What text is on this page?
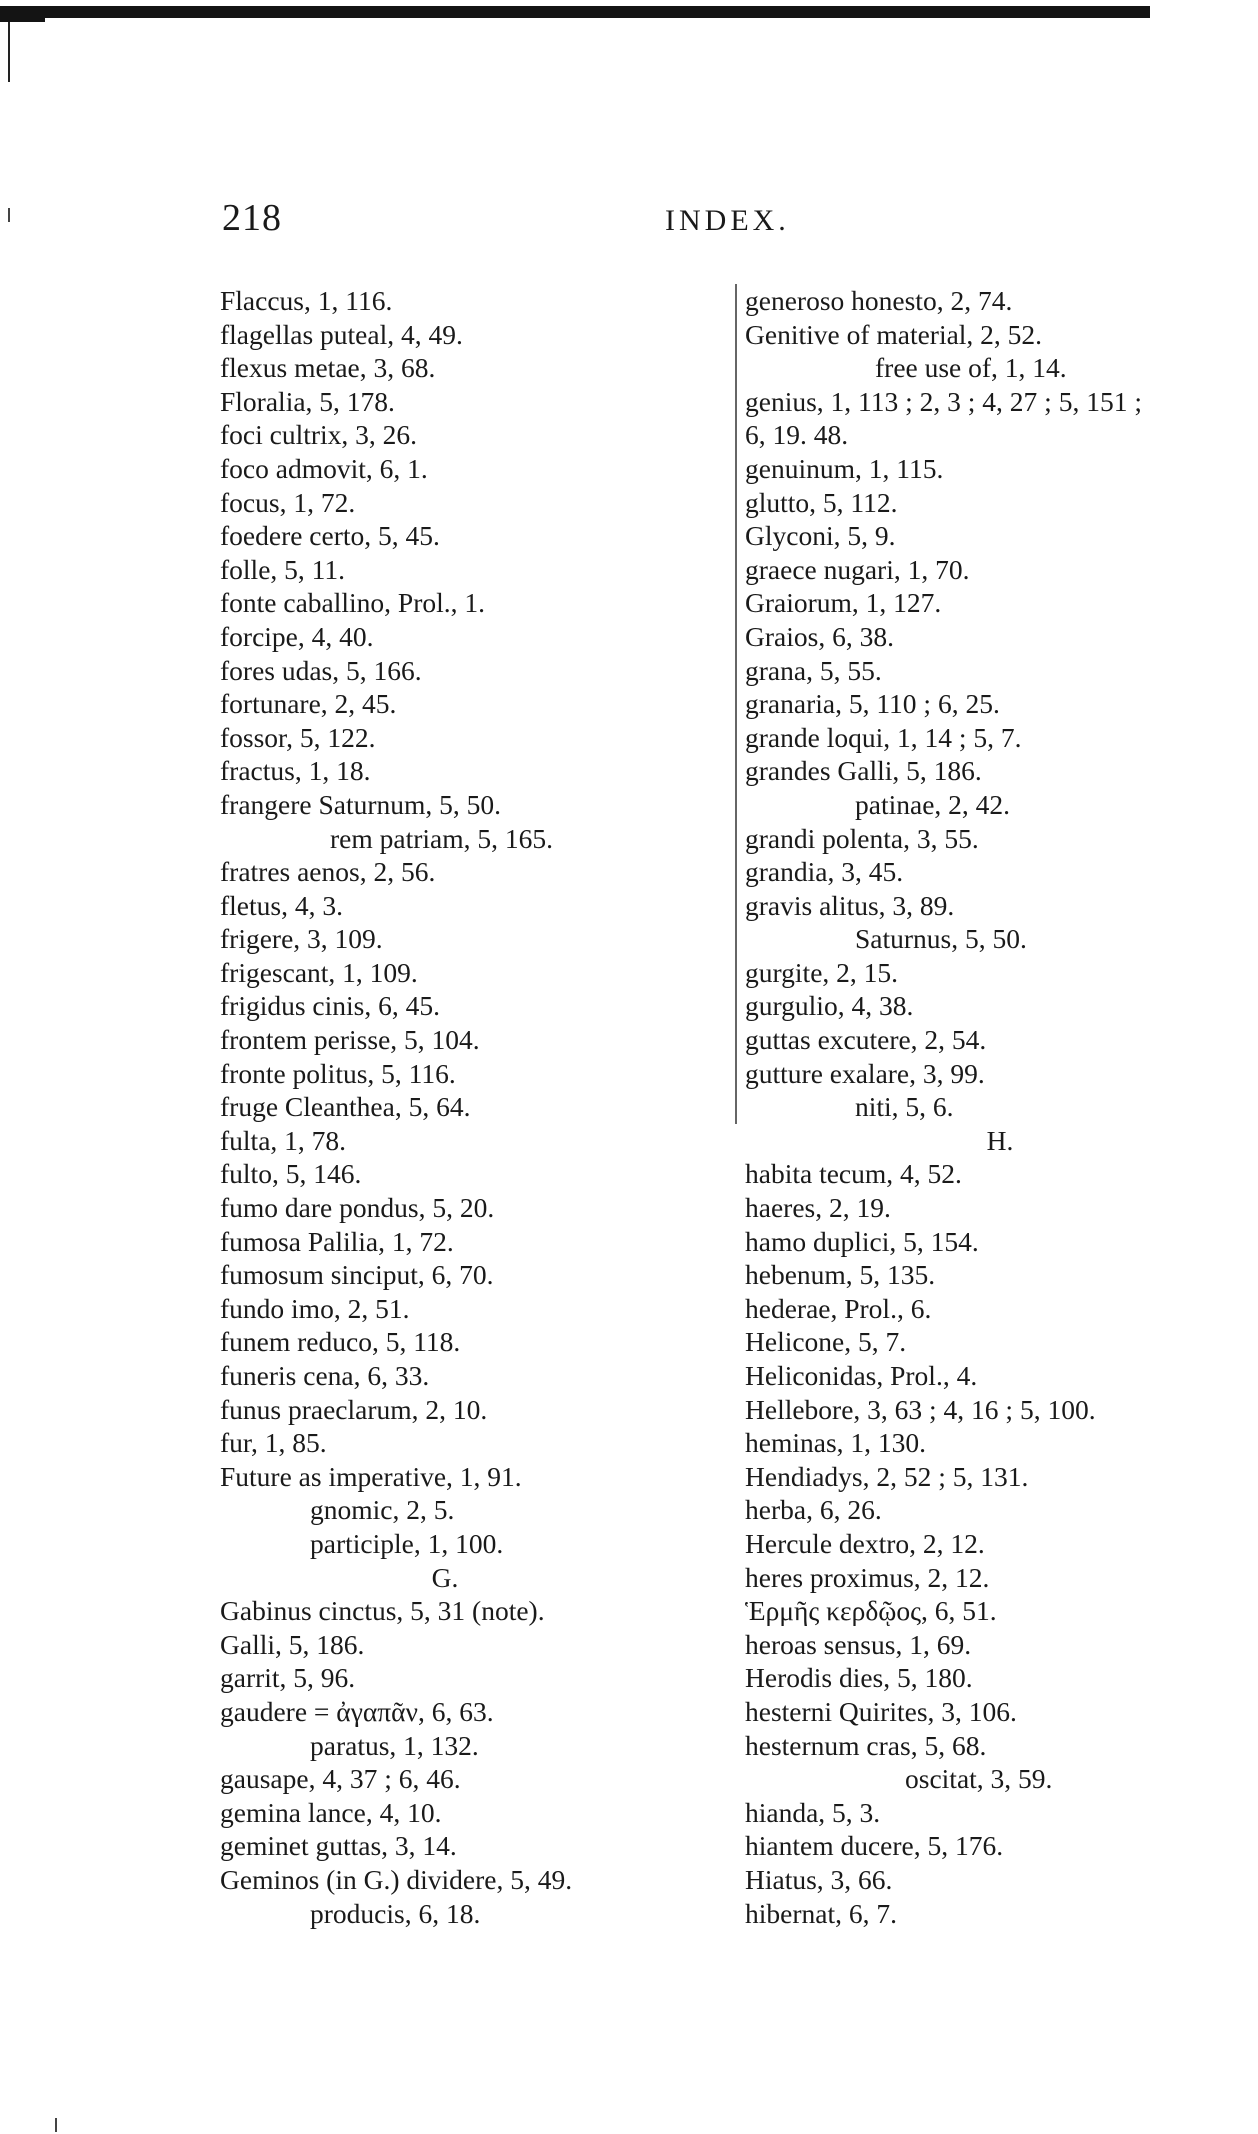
218	INDEX.
Flaccus, 1, 116.
flagellas puteal, 4, 49.
flexus metae, 3, 68.
Floralia, 5, 178.
foci cultrix, 3, 26.
foco admovit, 6, 1.
focus, 1, 72.
foedere certo, 5, 45.
folle, 5, 11.
fonte caballino, Prol., 1.
forcipe, 4, 40.
fores udas, 5, 166.
fortunare, 2, 45.
fossor, 5, 122.
fractus, 1, 18.
frangere Saturnum, 5, 50.
rem patriam, 5, 165.
fratres aenos, 2, 56.
fletus, 4, 3.
frigere, 3, 109.
frigescant, 1, 109.
frigidus cinis, 6, 45.
frontem perisse, 5, 104.
fronte politus, 5, 116.
fruge Cleanthea, 5, 64.
fulta, 1, 78.
fulto, 5, 146.
fumo dare pondus, 5, 20.
fumosa Palilia, 1, 72.
fumosum sinciput, 6, 70.
fundo imo, 2, 51.
funem reduco, 5, 118.
funeris cena, 6, 33.
funus praeclarum, 2, 10.
fur, 1, 85.
Future as imperative, 1, 91.
gnomic, 2, 5.
participle, 1, 100.
G.
Gabinus cinctus, 5, 31 (note).
Galli, 5, 186.
garrit, 5, 96.
gaudere = ἀγαπᾶν, 6, 63.
paratus, 1, 132.
gausape, 4, 37 ; 6, 46.
gemina lance, 4, 10.
geminet guttas, 3, 14.
Geminos (in G.) dividere, 5, 49.
producis, 6, 18.
generoso honesto, 2, 74.
Genitive of material, 2, 52.
free use of, 1, 14.
genius, 1, 113 ; 2, 3 ; 4, 27 ; 5, 151 ;
6, 19. 48.
genuinum, 1, 115.
glutto, 5, 112.
Glyconi, 5, 9.
graece nugari, 1, 70.
Graiorum, 1, 127.
Graios, 6, 38.
grana, 5, 55.
granaria, 5, 110 ; 6, 25.
grande loqui, 1, 14 ; 5, 7.
grandes Galli, 5, 186.
patinae, 2, 42.
grandi polenta, 3, 55.
grandia, 3, 45.
gravis alitus, 3, 89.
Saturnus, 5, 50.
gurgite, 2, 15.
gurgulio, 4, 38.
guttas excutere, 2, 54.
gutture exalare, 3, 99.
niti, 5, 6.
H.
habita tecum, 4, 52.
haeres, 2, 19.
hamo duplici, 5, 154.
hebenum, 5, 135.
hederae, Prol., 6.
Helicone, 5, 7.
Heliconidas, Prol., 4.
Hellebore, 3, 63 ; 4, 16 ; 5, 100.
heminas, 1, 130.
Hendiadys, 2, 52 ; 5, 131.
herba, 6, 26.
Hercule dextro, 2, 12.
heres proximus, 2, 12.
Ἑρμῆς κερδῷος, 6, 51.
heroas sensus, 1, 69.
Herodis dies, 5, 180.
hesterni Quirites, 3, 106.
hesternum cras, 5, 68.
oscitat, 3, 59.
hianda, 5, 3.
hiantem ducere, 5, 176.
Hiatus, 3, 66.
hibernat, 6, 7.
